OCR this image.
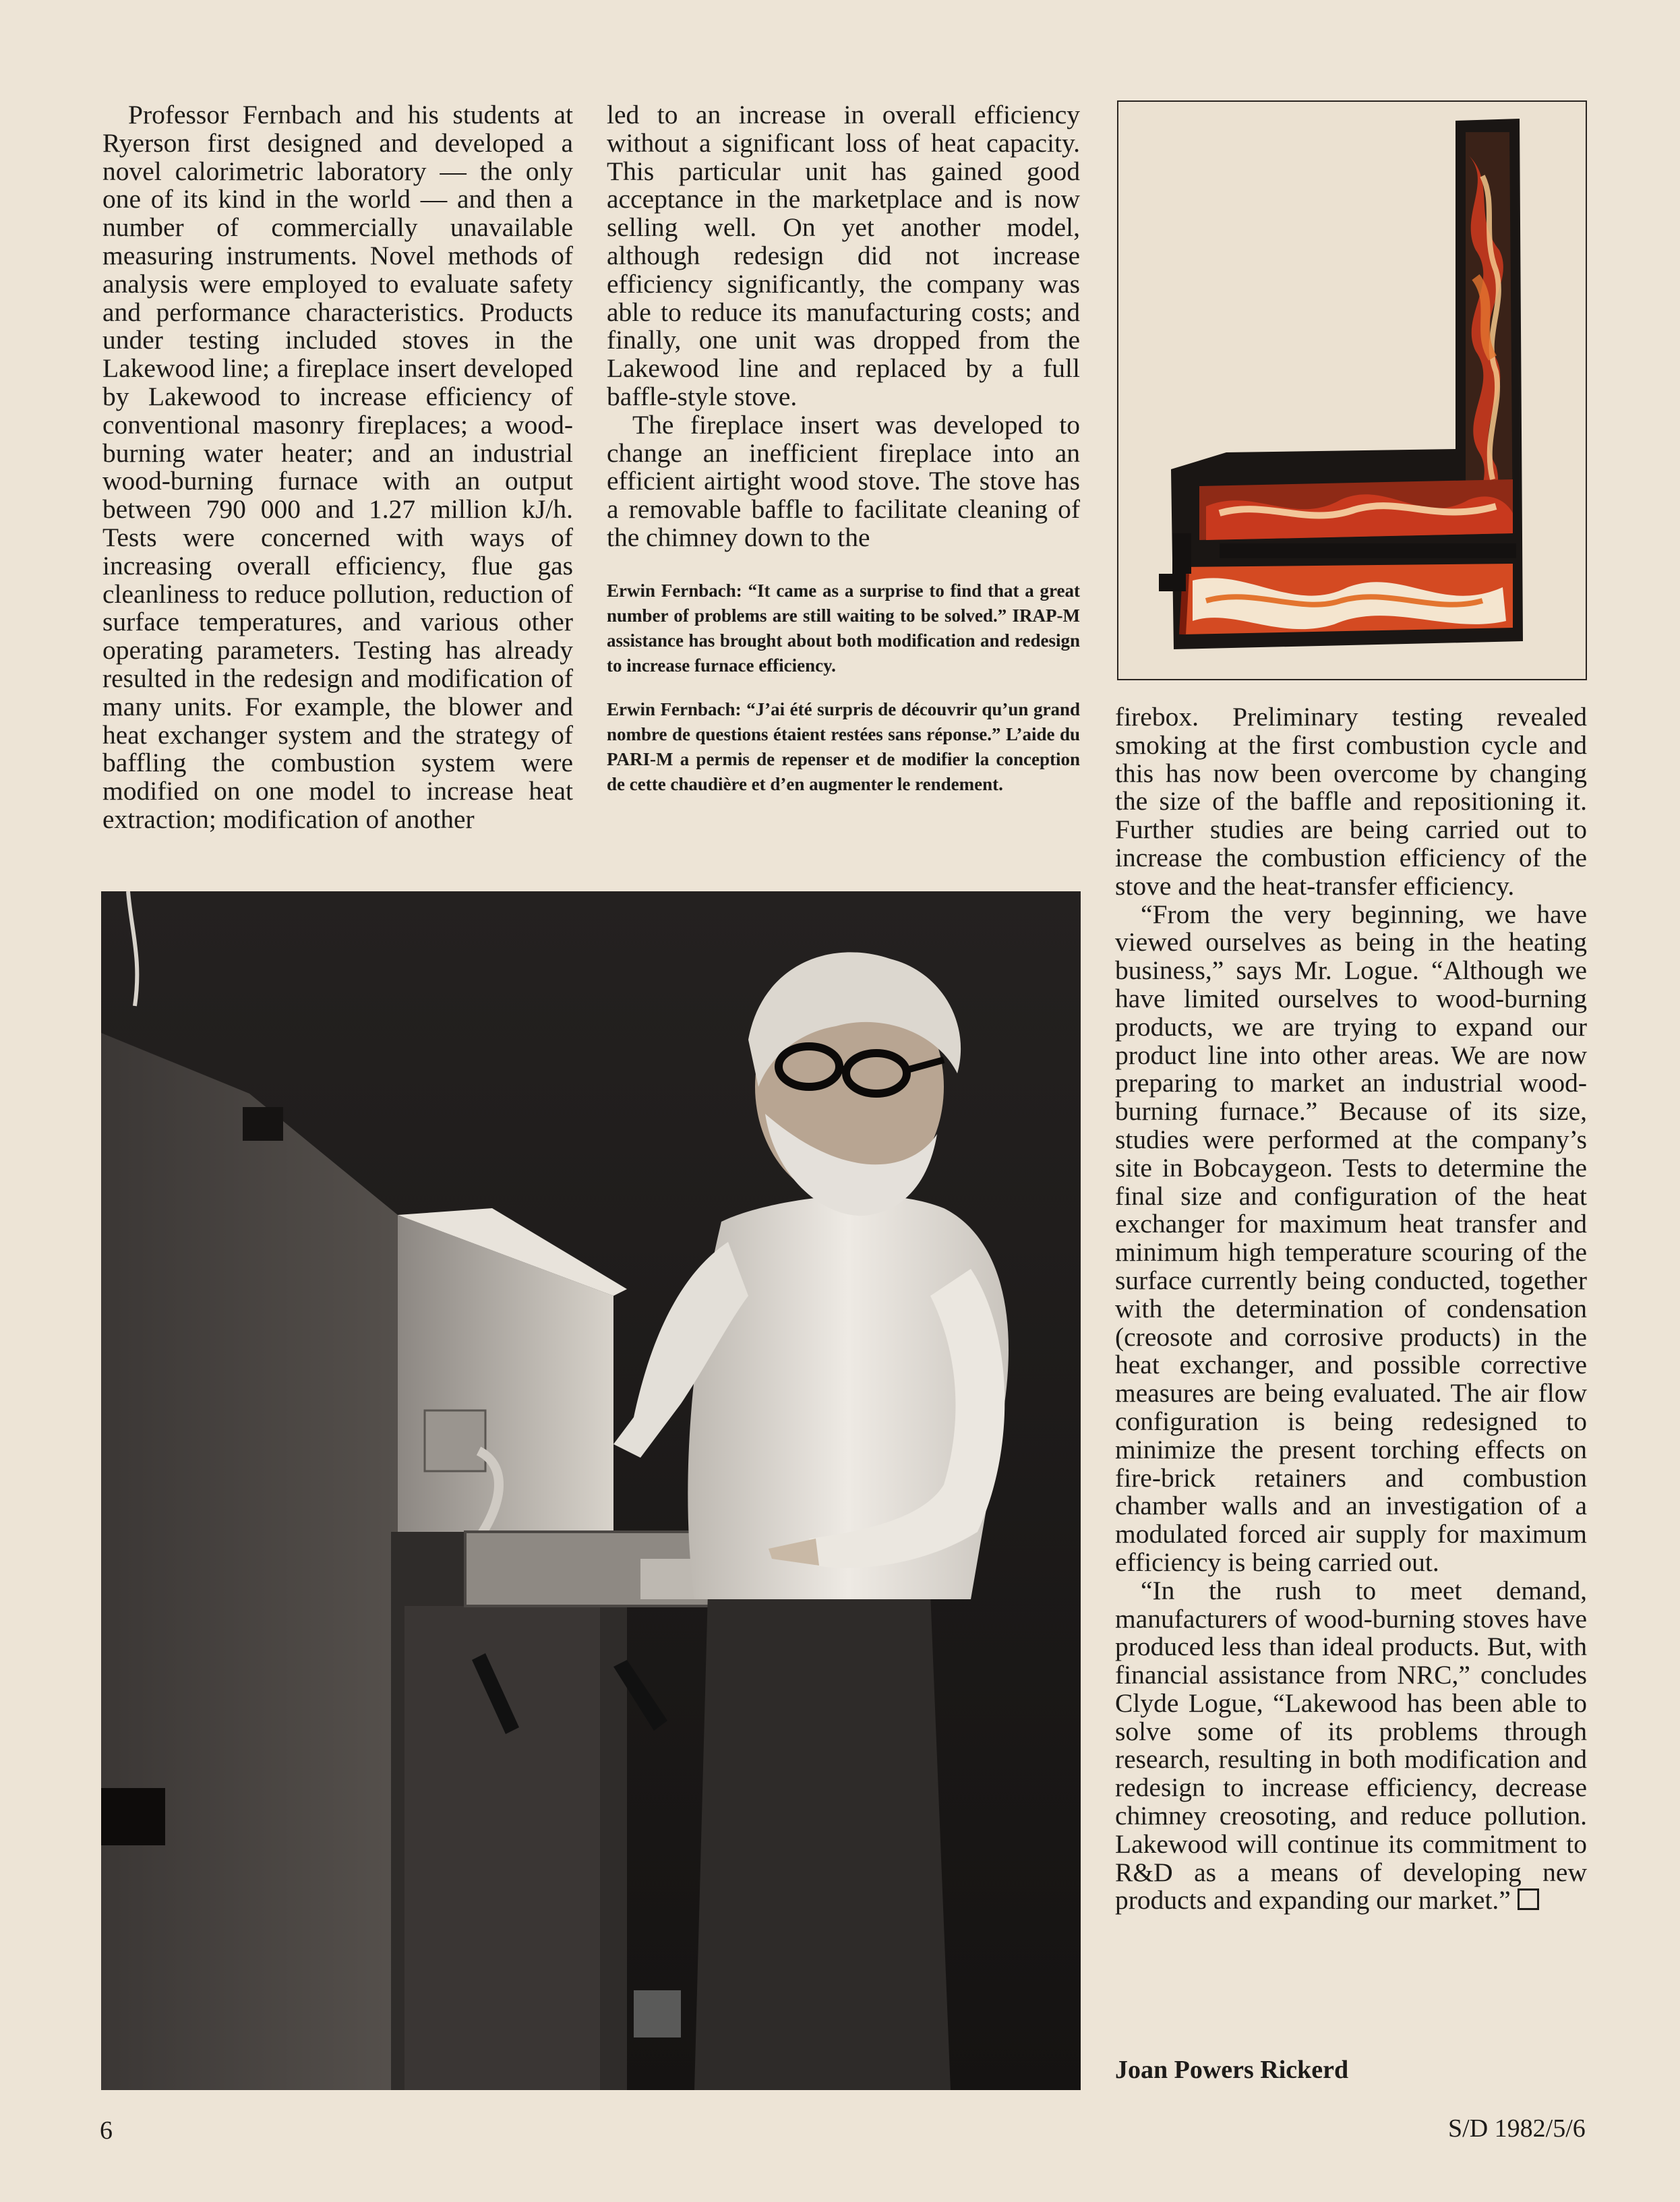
Professor Fernbach and his students at Ryerson first designed and developed a novel calorimetric laboratory — the only one of its kind in the world — and then a number of commercially unavailable measuring instruments. Novel methods of analysis were employed to evaluate safety and performance characteristics. Products under testing included stoves in the Lakewood line; a fireplace insert developed by Lakewood to increase efficiency of conventional masonry fireplaces; a wood-burning water heater; and an industrial wood-burning furnace with an output between 790 000 and 1.27 million kJ/h. Tests were concerned with ways of increasing overall efficiency, flue gas cleanliness to reduce pollution, reduction of surface temperatures, and various other operating parameters. Testing has already resulted in the redesign and modification of many units. For example, the blower and heat exchanger system and the strategy of baffling the combustion system were modified on one model to increase heat extraction; modification of another

led to an increase in overall efficiency without a significant loss of heat capacity. This particular unit has gained good acceptance in the marketplace and is now selling well. On yet another model, although redesign did not increase efficiency significantly, the company was able to reduce its manufacturing costs; and finally, one unit was dropped from the Lakewood line and replaced by a full baffle-style stove.

The fireplace insert was developed to change an inefficient fireplace into an efficient airtight wood stove. The stove has a removable baffle to facilitate cleaning of the chimney down to the

Erwin Fernbach: “It came as a surprise to find that a great number of problems are still waiting to be solved.” IRAP-M assistance has brought about both modification and redesign to increase furnace efficiency.

Erwin Fernbach: “J’ai été surpris de découvrir qu’un grand nombre de questions étaient restées sans réponse.” L’aide du PARI-M a permis de repenser et de modifier la conception de cette chaudière et d’en augmenter le rendement.

firebox. Preliminary testing revealed smoking at the first combustion cycle and this has now been overcome by changing the size of the baffle and repositioning it. Further studies are being carried out to increase the combustion efficiency of the stove and the heat-transfer efficiency.

“From the very beginning, we have viewed ourselves as being in the heating business,” says Mr. Logue. “Although we have limited ourselves to wood-burning products, we are trying to expand our product line into other areas. We are now preparing to market an industrial wood-burning furnace.” Because of its size, studies were performed at the company’s site in Bobcaygeon. Tests to determine the final size and configuration of the heat exchanger for maximum heat transfer and minimum high temperature scouring of the surface currently being conducted, together with the determination of condensation (creosote and corrosive products) in the heat exchanger, and possible corrective measures are being evaluated. The air flow configuration is being redesigned to minimize the present torching effects on fire-brick retainers and combustion chamber walls and an investigation of a modulated forced air supply for maximum efficiency is being carried out.

“In the rush to meet demand, manufacturers of wood-burning stoves have produced less than ideal products. But, with financial assistance from NRC,” concludes Clyde Logue, “Lakewood has been able to solve some of its problems through research, resulting in both modification and redesign to increase efficiency, decrease chimney creosoting, and reduce pollution. Lakewood will continue its commitment to R&D as a means of developing new products and expanding our market.”

Joan Powers Rickerd
6	S/D 1982/5/6
